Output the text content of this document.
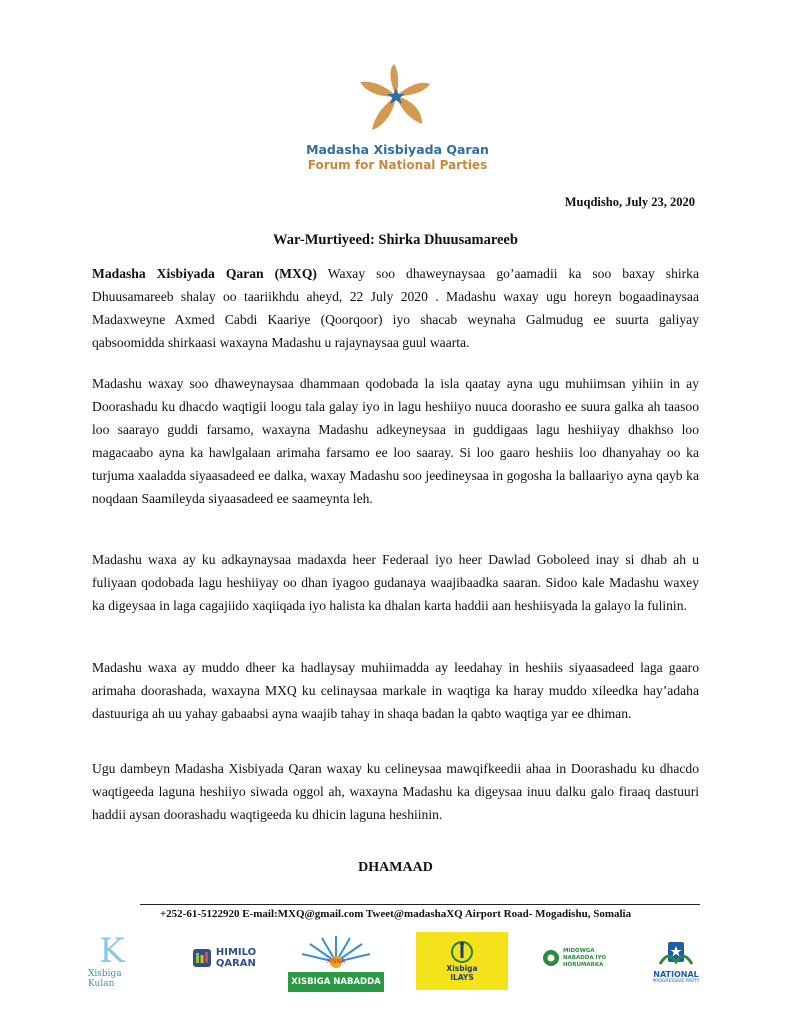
Madasha Xisbiyada Qaran
Forum for National Parties
Muqdisho, July 23, 2020
War-Murtiyeed: Shirka Dhuusamareeb
Madasha Xisbiyada Qaran (MXQ) Waxay soo dhaweynaysaa go’aamadii ka soo baxay shirka Dhuusamareeb shalay oo taariikhdu aheyd, 22 July 2020 . Madashu waxay ugu horeyn bogaadinaysaa Madaxweyne Axmed Cabdi Kaariye (Qoorqoor) iyo shacab weynaha Galmudug ee suurta galiyay qabsoomidda shirkaasi waxayna Madashu u rajaynaysaa guul waarta.
Madashu waxay soo dhaweynaysaa dhammaan qodobada la isla qaatay ayna ugu muhiimsan yihiin in ay Doorashadu ku dhacdo waqtigii loogu tala galay iyo in lagu heshiiyo nuuca doorasho ee suura galka ah taasoo loo saarayo guddi farsamo, waxayna Madashu adkeyneysaa in guddigaas lagu heshiiyay dhakhso loo magacaabo ayna ka hawlgalaan arimaha farsamo ee loo saaray. Si loo gaaro heshiis loo dhanyahay oo ka turjuma xaaladda siyaasadeed ee dalka, waxay Madashu soo jeedineysaa in gogosha la ballaariyo ayna qayb ka noqdaan Saamileyda siyaasadeed ee saameynta leh.
Madashu waxa ay ku adkaynaysaa madaxda heer Federaal iyo heer Dawlad Goboleed inay si dhab ah u fuliyaan qodobada lagu heshiiyay oo dhan iyagoo gudanaya waajibaadka saaran. Sidoo kale Madashu waxey ka digeysaa in laga cagajiido xaqiiqada iyo halista ka dhalan karta haddii aan heshiisyada la galayo la fulinin.
Madashu waxa ay muddo dheer ka hadlaysay muhiimadda ay leedahay in heshiis siyaasadeed laga gaaro arimaha doorashada, waxayna MXQ ku celinaysaa markale in waqtiga ka haray muddo xileedka hay’adaha dastuuriga ah uu yahay gabaabsi ayna waajib tahay in shaqa badan la qabto waqtiga yar ee dhiman.
Ugu dambeyn Madasha Xisbiyada Qaran waxay ku celineysaa mawqifkeedii ahaa in Doorashadu ku dhacdo waqtigeeda laguna heshiiyo siwada oggol ah, waxayna Madashu ka digeysaa inuu dalku galo firaaq dastuuri haddii aysan doorashadu waqtigeeda ku dhicin laguna heshiinin.
DHAMAAD
+252-61-5122920 E-mail:MXQ@gmail.com Tweet@madashaXQ Airport Road- Mogadishu, Somalia
K
Xisbiga Kulan
HIMILO
QARAN	XISNA
XISBIGA NABADDA
Xisbiga
ILAYS
MIDOWGA
NABADDA IYO
HORUMARKA
NATIONAL
PROGRESSIVE PARTY
